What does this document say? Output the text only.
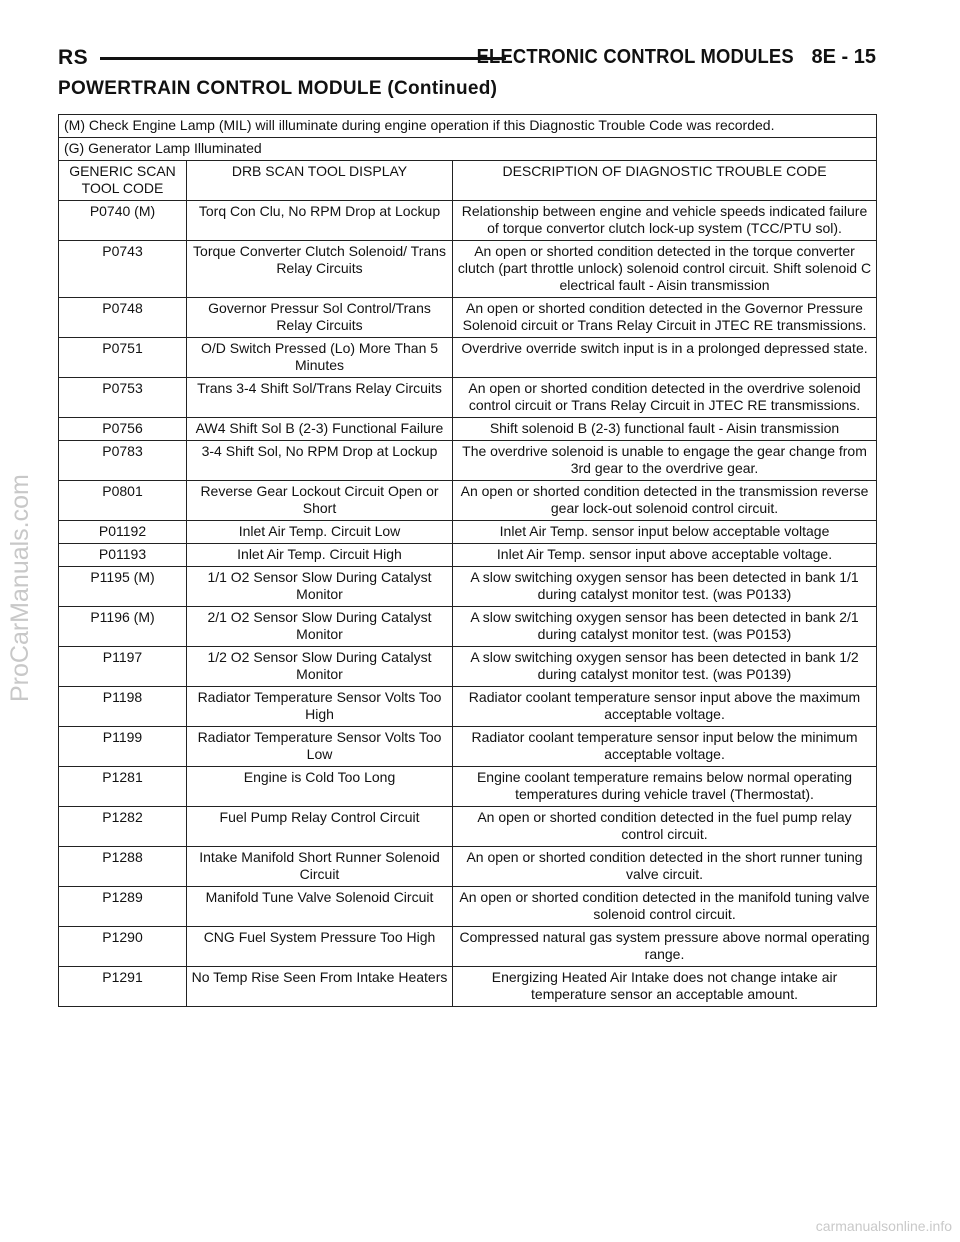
RS	ELECTRONIC CONTROL MODULES 8E - 15
POWERTRAIN CONTROL MODULE (Continued)
(M) Check Engine Lamp (MIL) will illuminate during engine operation if this Diagnostic Trouble Code was recorded.		
(G) Generator Lamp Illuminated		
GENERIC SCAN TOOL CODE	DRB SCAN TOOL DISPLAY	DESCRIPTION OF DIAGNOSTIC TROUBLE CODE
P0740 (M)	Torq Con Clu, No RPM Drop at Lockup	Relationship between engine and vehicle speeds indicated failure of torque convertor clutch lock-up system (TCC/PTU sol).
P0743	Torque Converter Clutch Solenoid/ Trans Relay Circuits	An open or shorted condition detected in the torque converter clutch (part throttle unlock) solenoid control circuit. Shift solenoid C electrical fault - Aisin transmission
P0748	Governor Pressur Sol Control/Trans Relay Circuits	An open or shorted condition detected in the Governor Pressure Solenoid circuit or Trans Relay Circuit in JTEC RE transmissions.
P0751	O/D Switch Pressed (Lo) More Than 5 Minutes	Overdrive override switch input is in a prolonged depressed state.
P0753	Trans 3-4 Shift Sol/Trans Relay Circuits	An open or shorted condition detected in the overdrive solenoid control circuit or Trans Relay Circuit in JTEC RE transmissions.
P0756	AW4 Shift Sol B (2-3) Functional Failure	Shift solenoid B (2-3) functional fault - Aisin transmission
P0783	3-4 Shift Sol, No RPM Drop at Lockup	The overdrive solenoid is unable to engage the gear change from 3rd gear to the overdrive gear.
P0801	Reverse Gear Lockout Circuit Open or Short	An open or shorted condition detected in the transmission reverse gear lock-out solenoid control circuit.
P01192	Inlet Air Temp. Circuit Low	Inlet Air Temp. sensor input below acceptable voltage
P01193	Inlet Air Temp. Circuit High	Inlet Air Temp. sensor input above acceptable voltage.
P1195 (M)	1/1 O2 Sensor Slow During Catalyst Monitor	A slow switching oxygen sensor has been detected in bank 1/1 during catalyst monitor test. (was P0133)
P1196 (M)	2/1 O2 Sensor Slow During Catalyst Monitor	A slow switching oxygen sensor has been detected in bank 2/1 during catalyst monitor test. (was P0153)
P1197	1/2 O2 Sensor Slow During Catalyst Monitor	A slow switching oxygen sensor has been detected in bank 1/2 during catalyst monitor test. (was P0139)
P1198	Radiator Temperature Sensor Volts Too High	Radiator coolant temperature sensor input above the maximum acceptable voltage.
P1199	Radiator Temperature Sensor Volts Too Low	Radiator coolant temperature sensor input below the minimum acceptable voltage.
P1281	Engine is Cold Too Long	Engine coolant temperature remains below normal operating temperatures during vehicle travel (Thermostat).
P1282	Fuel Pump Relay Control Circuit	An open or shorted condition detected in the fuel pump relay control circuit.
P1288	Intake Manifold Short Runner Solenoid Circuit	An open or shorted condition detected in the short runner tuning valve circuit.
P1289	Manifold Tune Valve Solenoid Circuit	An open or shorted condition detected in the manifold tuning valve solenoid control circuit.
P1290	CNG Fuel System Pressure Too High	Compressed natural gas system pressure above normal operating range.
P1291	No Temp Rise Seen From Intake Heaters	Energizing Heated Air Intake does not change intake air temperature sensor an acceptable amount.
ProCarManuals.com
carmanualsonline.info
